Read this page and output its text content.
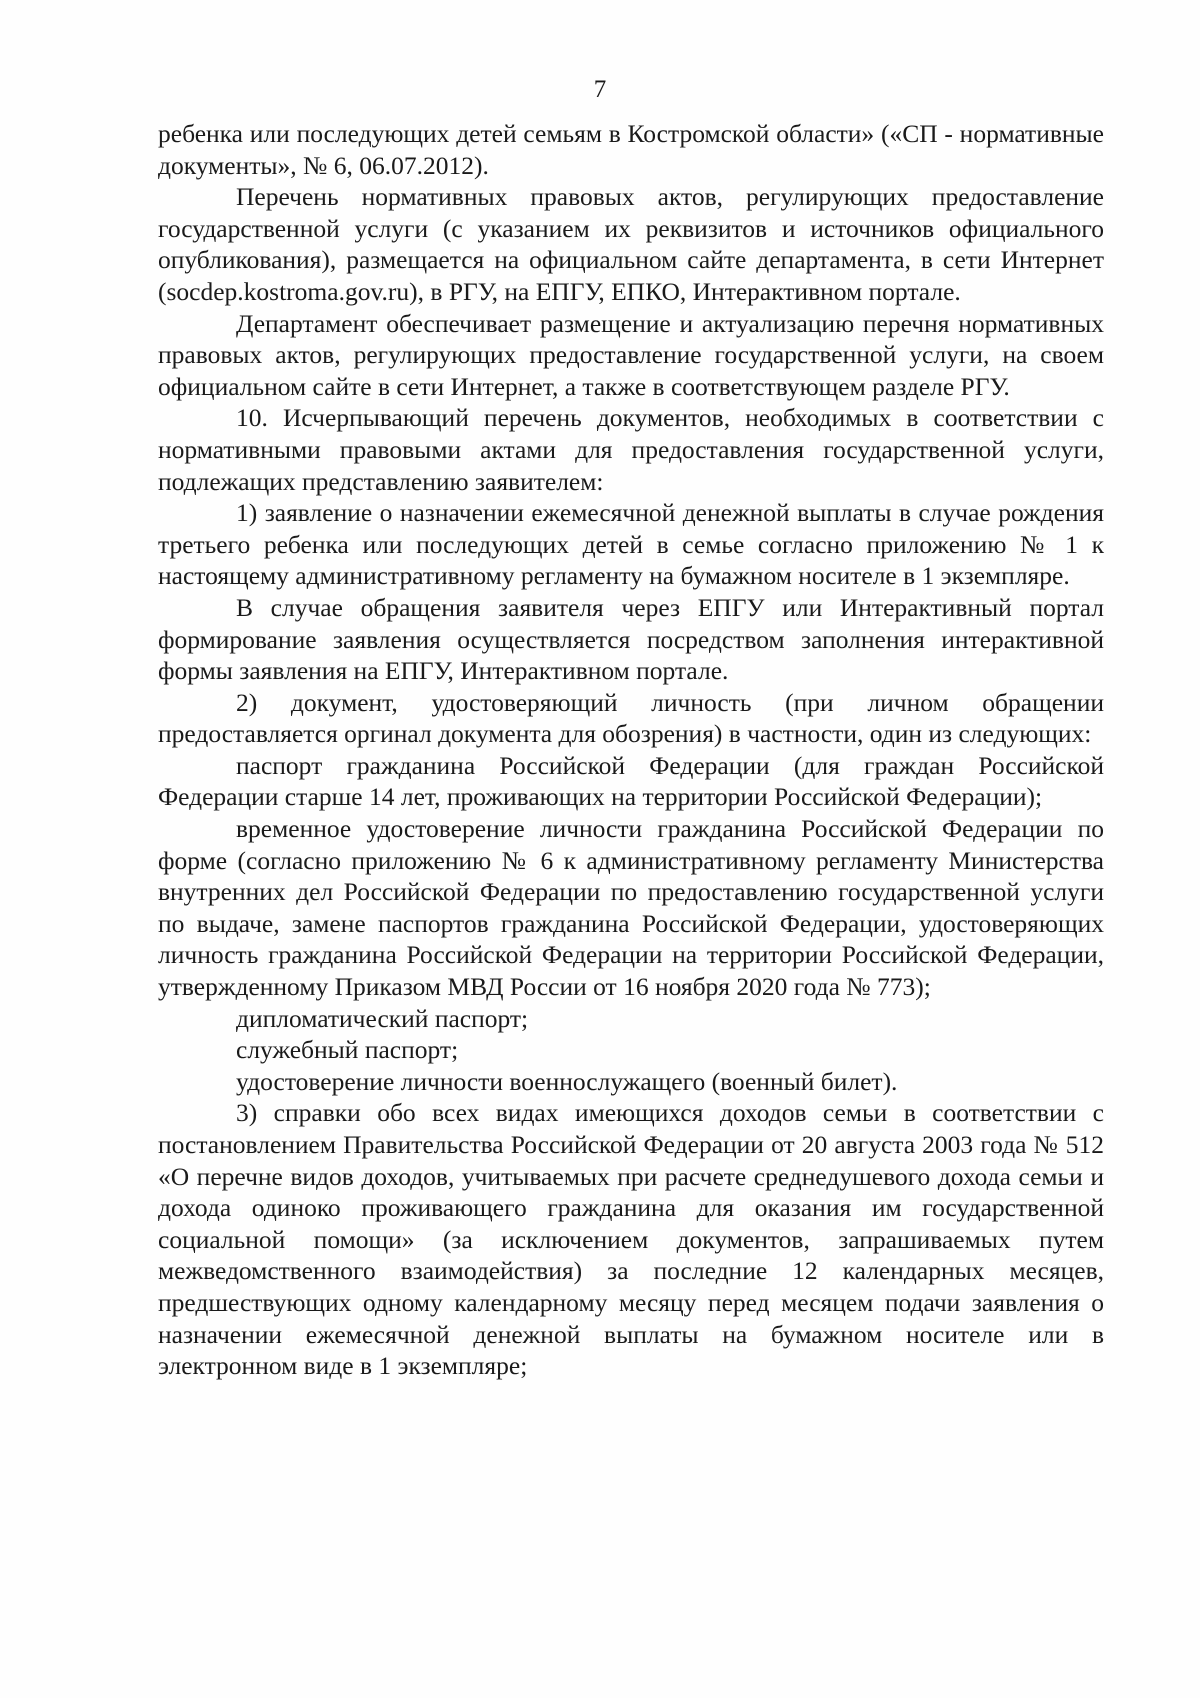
7

ребенка или последующих детей семьям в Костромской области» («СП - нормативные документы», № 6, 06.07.2012).

Перечень нормативных правовых актов, регулирующих предоставление государственной услуги (с указанием их реквизитов и источников официального опубликования), размещается на официальном сайте департамента, в сети Интернет (socdep.kostroma.gov.ru), в РГУ, на ЕПГУ, ЕПКО, Интерактивном портале.

Департамент обеспечивает размещение и актуализацию перечня нормативных правовых актов, регулирующих предоставление государственной услуги, на своем официальном сайте в сети Интернет, а также в соответствующем разделе РГУ.

10. Исчерпывающий перечень документов, необходимых в соответствии с нормативными правовыми актами для предоставления государственной услуги, подлежащих представлению заявителем:

1) заявление о назначении ежемесячной денежной выплаты в случае рождения третьего ребенка или последующих детей в семье согласно приложению № 1 к настоящему административному регламенту на бумажном носителе в 1 экземпляре.

В случае обращения заявителя через ЕПГУ или Интерактивный портал формирование заявления осуществляется посредством заполнения интерактивной формы заявления на ЕПГУ, Интерактивном портале.

2) документ, удостоверяющий личность (при личном обращении предоставляется оргинал документа для обозрения) в частности, один из следующих:

паспорт гражданина Российской Федерации (для граждан Российской Федерации старше 14 лет, проживающих на территории Российской Федерации);

временное удостоверение личности гражданина Российской Федерации по форме (согласно приложению № 6 к административному регламенту Министерства внутренних дел Российской Федерации по предоставлению государственной услуги по выдаче, замене паспортов гражданина Российской Федерации, удостоверяющих личность гражданина Российской Федерации на территории Российской Федерации, утвержденному Приказом МВД России от 16 ноября 2020 года № 773);

дипломатический паспорт;

служебный паспорт;

удостоверение личности военнослужащего (военный билет).

3) справки обо всех видах имеющихся доходов семьи в соответствии с постановлением Правительства Российской Федерации от 20 августа 2003 года № 512 «О перечне видов доходов, учитываемых при расчете среднедушевого дохода семьи и дохода одиноко проживающего гражданина для оказания им государственной социальной помощи» (за исключением документов, запрашиваемых путем межведомственного взаимодействия) за последние 12 календарных месяцев, предшествующих одному календарному месяцу перед месяцем подачи заявления о назначении ежемесячной денежной выплаты на бумажном носителе или в электронном виде в 1 экземпляре;
